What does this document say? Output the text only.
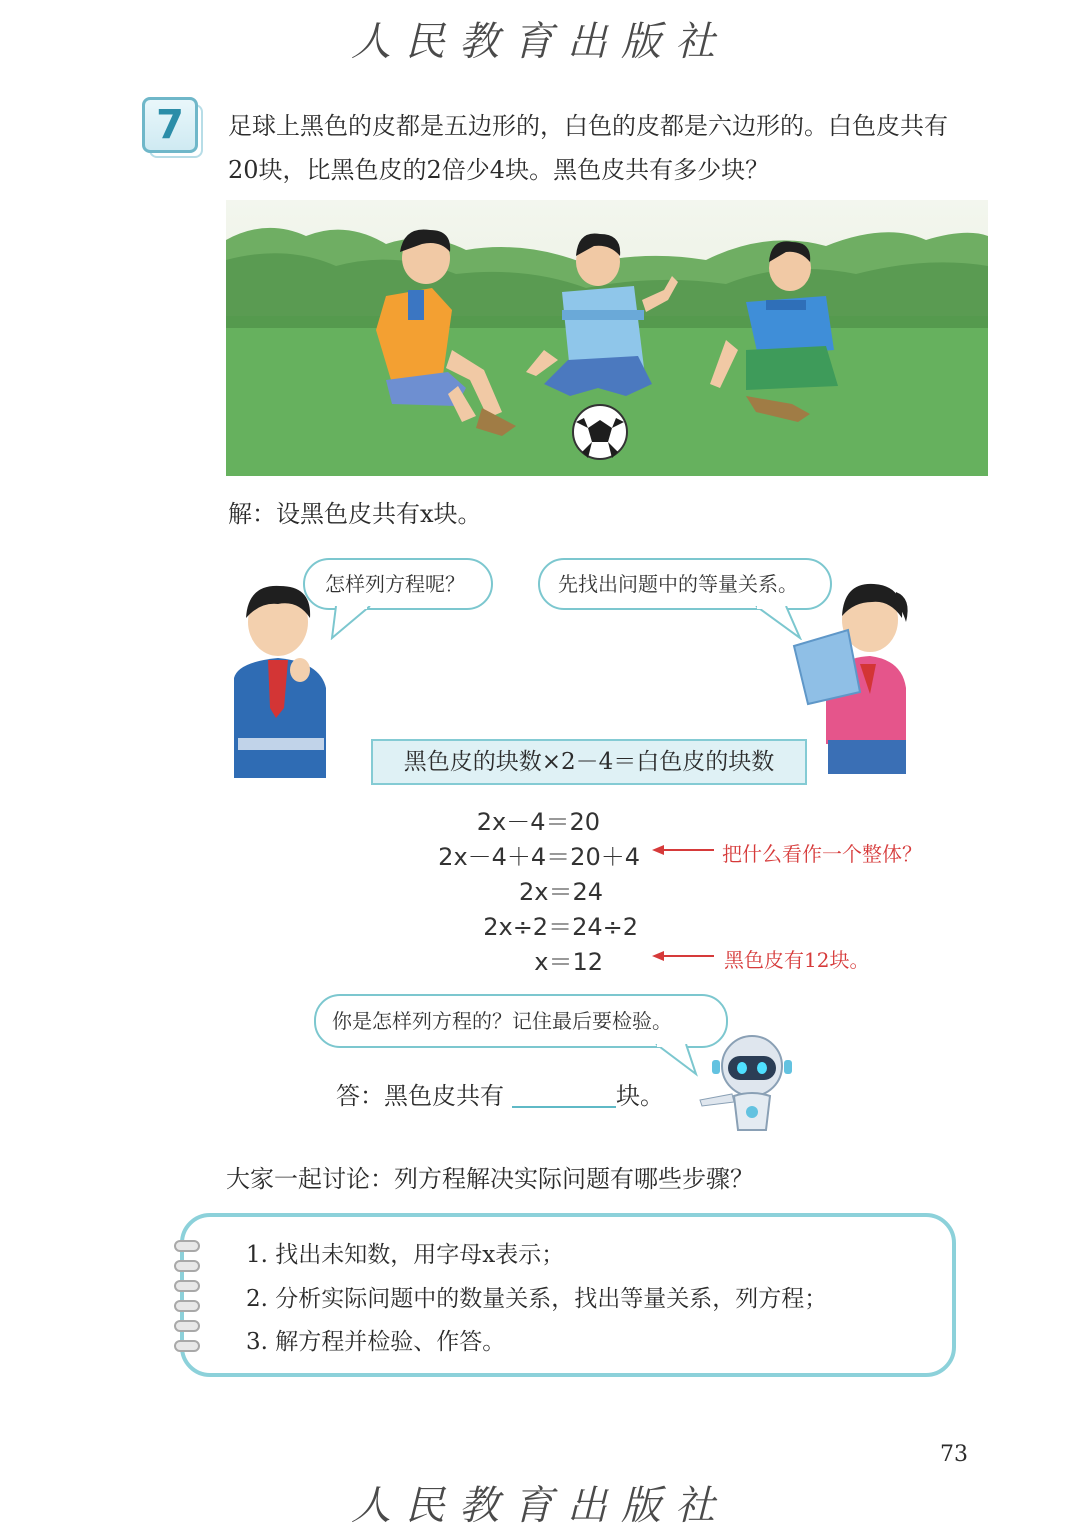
人民教育出版社
7	足球上黑色的皮都是五边形的，白色的皮都是六边形的。白色皮共有
20块，比黑色皮的2倍少4块。黑色皮共有多少块？
解：设黑色皮共有x块。
怎样列方程呢？	先找出问题中的等量关系。
黑色皮的块数×2－4＝白色皮的块数
2x－4＝20
2x－4＋4＝20＋4
2x＝24
2x÷2＝24÷2
x＝12
把什么看作一个整体？
黑色皮有12块。
你是怎样列方程的？记住最后要检验。
答：黑色皮共有	块。
大家一起讨论：列方程解决实际问题有哪些步骤？
1. 找出未知数，用字母x表示；
2. 分析实际问题中的数量关系，找出等量关系，列方程；
3. 解方程并检验、作答。
73
人民教育出版社
